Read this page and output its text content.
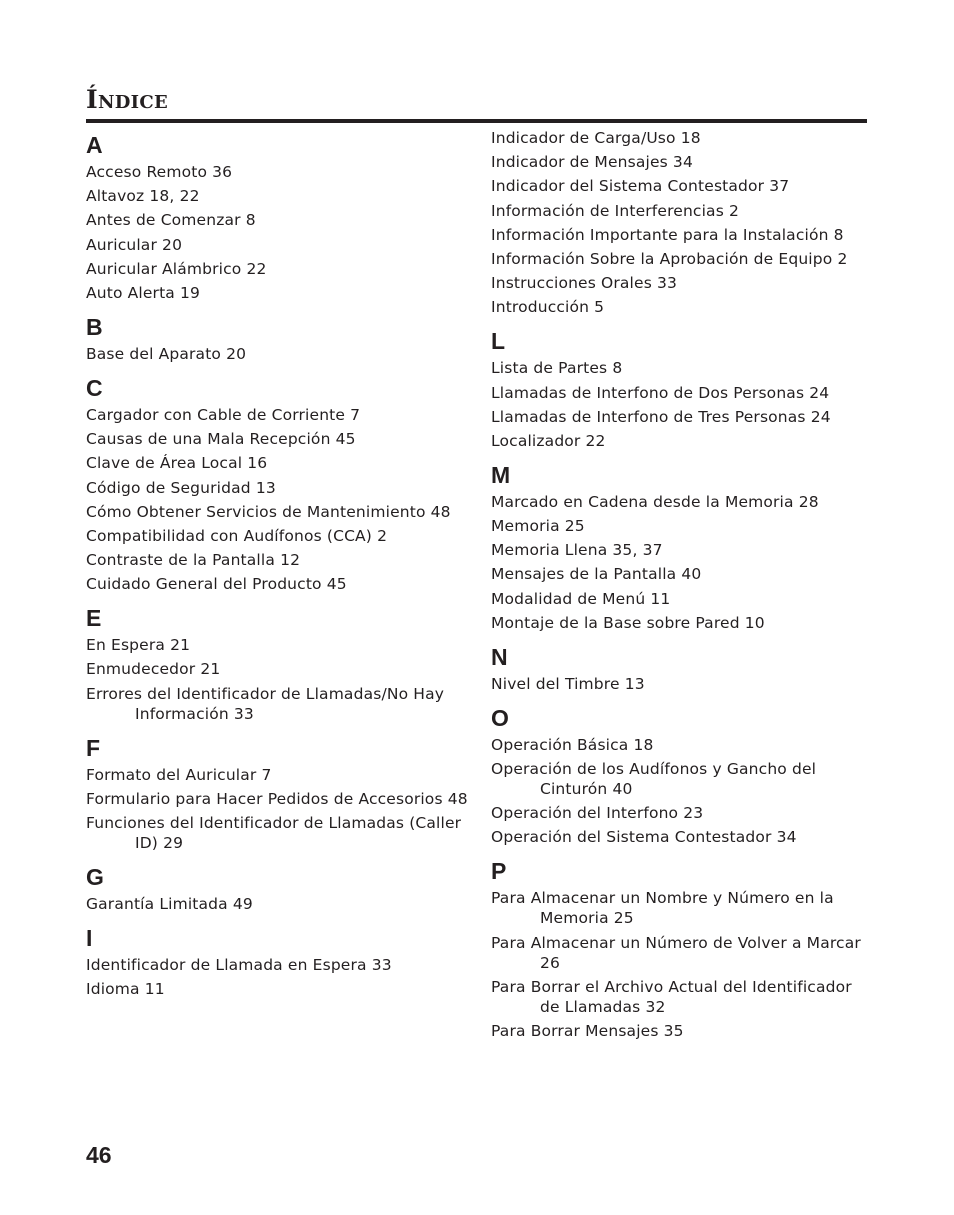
Índice
A
Acceso Remoto 36
Altavoz 18, 22
Antes de Comenzar 8
Auricular 20
Auricular Alámbrico 22
Auto Alerta 19
B
Base del Aparato 20
C
Cargador con Cable de Corriente 7
Causas de una Mala Recepción 45
Clave de Área Local 16
Código de Seguridad 13
Cómo Obtener Servicios de Mantenimiento 48
Compatibilidad con Audífonos (CCA) 2
Contraste de la Pantalla 12
Cuidado General del Producto 45
E
En Espera 21
Enmudecedor 21
Errores del Identificador de Llamadas/No Hay Información 33
F
Formato del Auricular 7
Formulario para Hacer Pedidos de Accesorios 48
Funciones del Identificador de Llamadas (Caller ID) 29
G
Garantía Limitada 49
I
Identificador de Llamada en Espera 33
Idioma 11
Indicador de Carga/Uso 18
Indicador de Mensajes 34
Indicador del Sistema Contestador 37
Información de Interferencias 2
Información Importante para la Instalación 8
Información Sobre la Aprobación de Equipo 2
Instrucciones Orales 33
Introducción 5
L
Lista de Partes 8
Llamadas de Interfono de Dos Personas 24
Llamadas de Interfono de Tres Personas 24
Localizador 22
M
Marcado en Cadena desde la Memoria 28
Memoria 25
Memoria Llena 35, 37
Mensajes de la Pantalla 40
Modalidad de Menú 11
Montaje de la Base sobre Pared 10
N
Nivel del Timbre 13
O
Operación Básica 18
Operación de los Audífonos y Gancho del Cinturón 40
Operación del Interfono 23
Operación del Sistema Contestador 34
P
Para Almacenar un Nombre y Número en la Memoria 25
Para Almacenar un Número de Volver a Marcar 26
Para Borrar el Archivo Actual del Identificador de Llamadas 32
Para Borrar Mensajes 35
46
